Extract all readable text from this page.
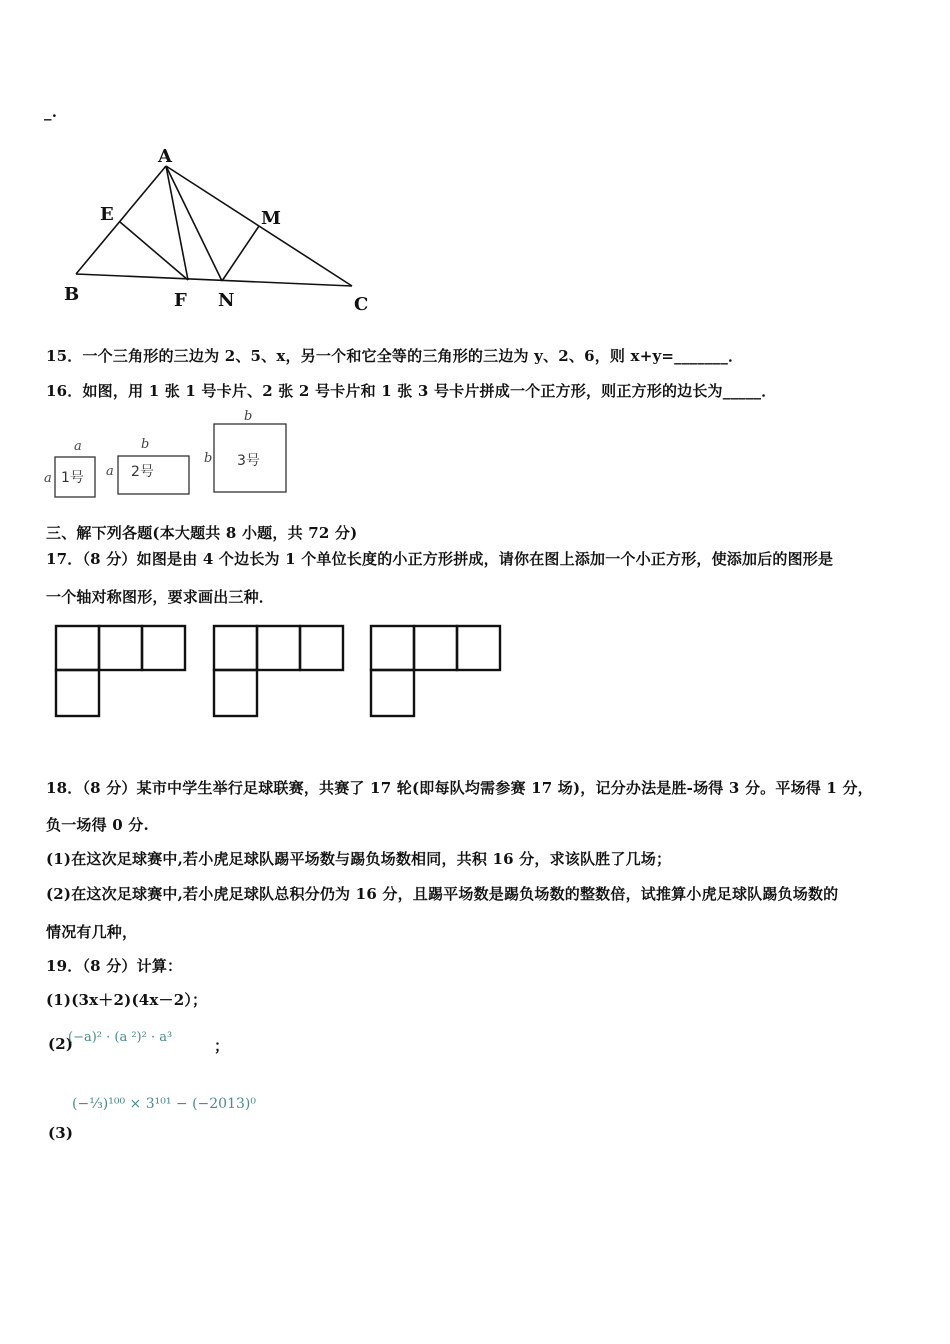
_.
A
E	M
B	F N	C
15．一个三角形的三边为 2、5、x，另一个和它全等的三角形的三边为 y、2、6，则 x+y=_______．
16．如图，用 1 张 1 号卡片、2 张 2 号卡片和 1 张 3 号卡片拼成一个正方形，则正方形的边长为_____．
a
a
b
a
b
b
1号	2号
3号
三、解下列各题(本大题共 8 小题，共 72 分)
17．（8 分）如图是由 4 个边长为 1 个单位长度的小正方形拼成，请你在图上添加一个小正方形，使添加后的图形是
一个轴对称图形，要求画出三种．
18．（8 分）某市中学生举行足球联赛，共赛了 17 轮(即每队均需参赛 17 场)，记分办法是胜-场得 3 分。平场得 1 分，
负一场得 0 分.
(1)在这次足球赛中,若小虎足球队踢平场数与踢负场数相同，共积 16 分，求该队胜了几场；
(2)在这次足球赛中,若小虎足球队总积分仍为 16 分，且踢平场数是踢负场数的整数倍，试推算小虎足球队踢负场数的
情况有几种，
19．（8 分）计算：
(1)(3x＋2)(4x－2）；
(2)
(−a)² · (a ²)² · a³	；
(−⅓)¹⁰⁰ × 3¹⁰¹ − (−2013)⁰
(3)
